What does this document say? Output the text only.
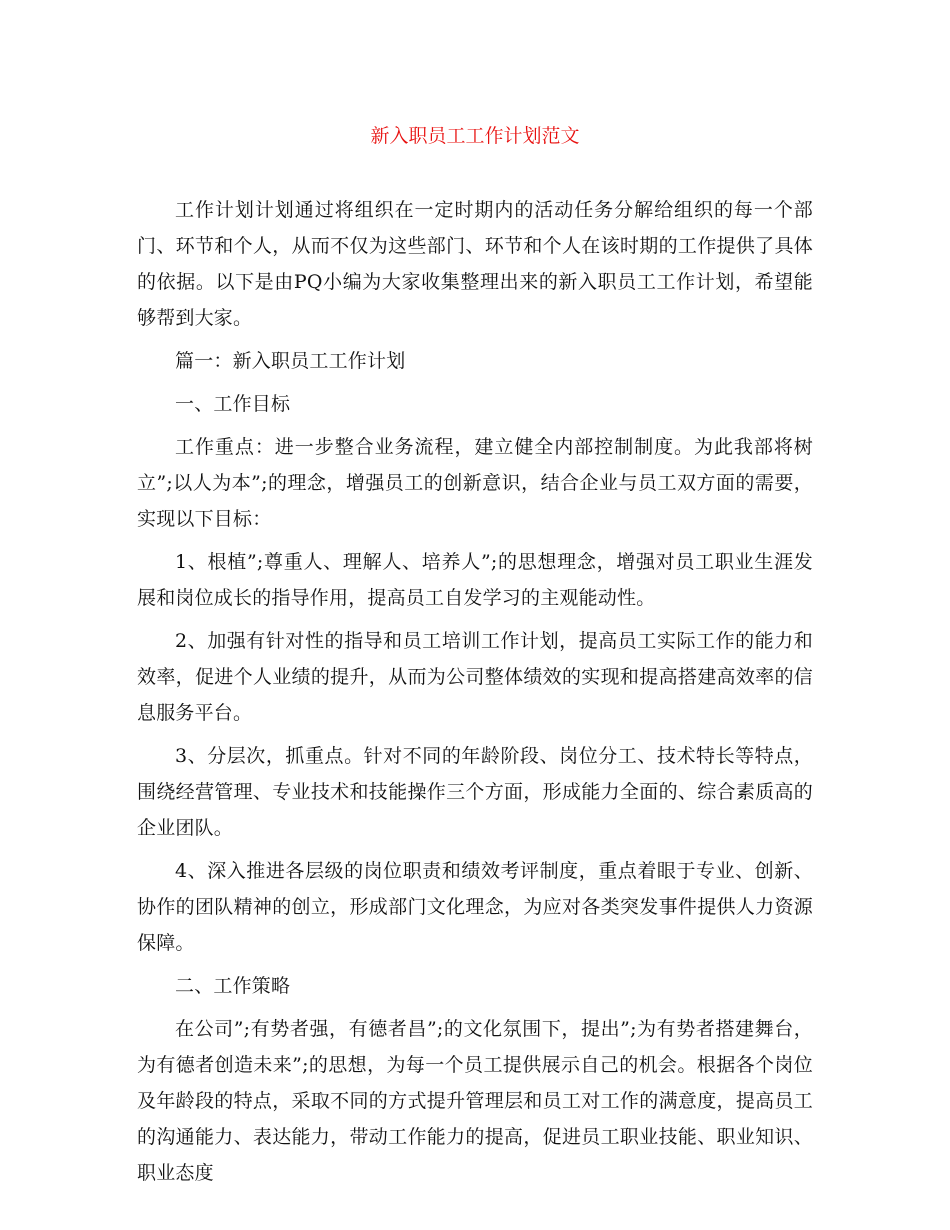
新入职员工工作计划范文

工作计划计划通过将组织在一定时期内的活动任务分解给组织的每一个部门、环节和个人，从而不仅为这些部门、环节和个人在该时期的工作提供了具体的依据。以下是由PQ小编为大家收集整理出来的新入职员工工作计划，希望能够帮到大家。

篇一：新入职员工工作计划

一、工作目标

工作重点：进一步整合业务流程，建立健全内部控制制度。为此我部将树立”;以人为本”;的理念，增强员工的创新意识，结合企业与员工双方面的需要，实现以下目标：

1、根植”;尊重人、理解人、培养人”;的思想理念，增强对员工职业生涯发展和岗位成长的指导作用，提高员工自发学习的主观能动性。

2、加强有针对性的指导和员工培训工作计划，提高员工实际工作的能力和效率，促进个人业绩的提升，从而为公司整体绩效的实现和提高搭建高效率的信息服务平台。

3、分层次，抓重点。针对不同的年龄阶段、岗位分工、技术特长等特点，围绕经营管理、专业技术和技能操作三个方面，形成能力全面的、综合素质高的企业团队。

4、深入推进各层级的岗位职责和绩效考评制度，重点着眼于专业、创新、协作的团队精神的创立，形成部门文化理念，为应对各类突发事件提供人力资源保障。

二、工作策略

在公司”;有势者强，有德者昌”;的文化氛围下，提出”;为有势者搭建舞台，为有德者创造未来”;的思想，为每一个员工提供展示自己的机会。根据各个岗位及年龄段的特点，采取不同的方式提升管理层和员工对工作的满意度，提高员工的沟通能力、表达能力，带动工作能力的提高，促进员工职业技能、职业知识、职业态度
